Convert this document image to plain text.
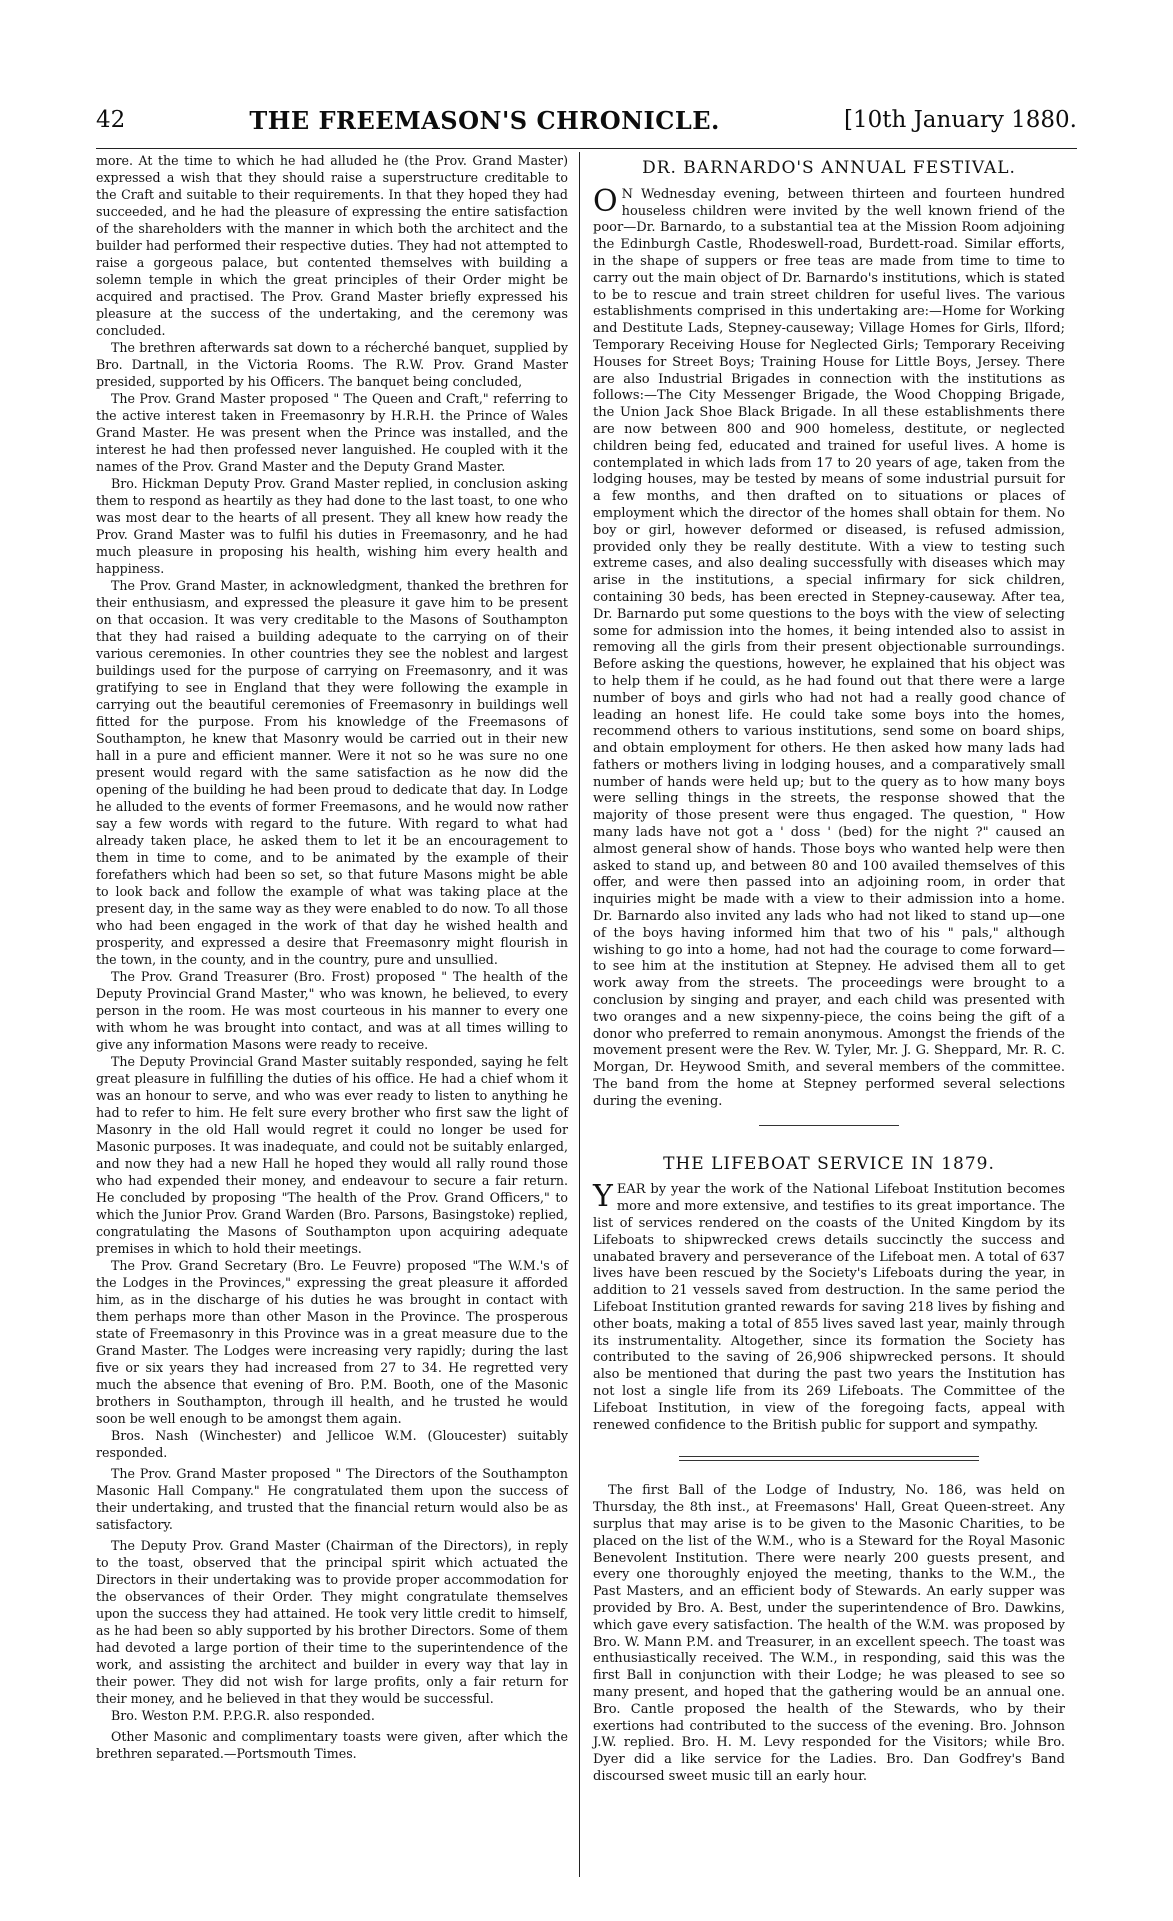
42	THE FREEMASON'S CHRONICLE.	[10th January 1880.

more. At the time to which he had alluded he (the Prov. Grand Master) expressed a wish that they should raise a superstructure creditable to the Craft and suitable to their requirements. In that they hoped they had succeeded, and he had the pleasure of expressing the entire satisfaction of the shareholders with the manner in which both the architect and the builder had performed their respective duties. They had not attempted to raise a gorgeous palace, but contented themselves with building a solemn temple in which the great principles of their Order might be acquired and practised. The Prov. Grand Master briefly expressed his pleasure at the success of the undertaking, and the ceremony was concluded.

The brethren afterwards sat down to a récherché banquet, supplied by Bro. Dartnall, in the Victoria Rooms. The R.W. Prov. Grand Master presided, supported by his Officers. The banquet being concluded,

The Prov. Grand Master proposed " The Queen and Craft," referring to the active interest taken in Freemasonry by H.R.H. the Prince of Wales Grand Master. He was present when the Prince was installed, and the interest he had then professed never languished. He coupled with it the names of the Prov. Grand Master and the Deputy Grand Master.

Bro. Hickman Deputy Prov. Grand Master replied, in conclusion asking them to respond as heartily as they had done to the last toast, to one who was most dear to the hearts of all present. They all knew how ready the Prov. Grand Master was to fulfil his duties in Freemasonry, and he had much pleasure in proposing his health, wishing him every health and happiness.

The Prov. Grand Master, in acknowledgment, thanked the brethren for their enthusiasm, and expressed the pleasure it gave him to be present on that occasion. It was very creditable to the Masons of Southampton that they had raised a building adequate to the carrying on of their various ceremonies. In other countries they see the noblest and largest buildings used for the purpose of carrying on Freemasonry, and it was gratifying to see in England that they were following the example in carrying out the beautiful ceremonies of Freemasonry in buildings well fitted for the purpose. From his knowledge of the Freemasons of Southampton, he knew that Masonry would be carried out in their new hall in a pure and efficient manner. Were it not so he was sure no one present would regard with the same satisfaction as he now did the opening of the building he had been proud to dedicate that day. In Lodge he alluded to the events of former Freemasons, and he would now rather say a few words with regard to the future. With regard to what had already taken place, he asked them to let it be an encouragement to them in time to come, and to be animated by the example of their forefathers which had been so set, so that future Masons might be able to look back and follow the example of what was taking place at the present day, in the same way as they were enabled to do now. To all those who had been engaged in the work of that day he wished health and prosperity, and expressed a desire that Freemasonry might flourish in the town, in the county, and in the country, pure and unsullied.

The Prov. Grand Treasurer (Bro. Frost) proposed " The health of the Deputy Provincial Grand Master," who was known, he believed, to every person in the room. He was most courteous in his manner to every one with whom he was brought into contact, and was at all times willing to give any information Masons were ready to receive.

The Deputy Provincial Grand Master suitably responded, saying he felt great pleasure in fulfilling the duties of his office. He had a chief whom it was an honour to serve, and who was ever ready to listen to anything he had to refer to him. He felt sure every brother who first saw the light of Masonry in the old Hall would regret it could no longer be used for Masonic purposes. It was inadequate, and could not be suitably enlarged, and now they had a new Hall he hoped they would all rally round those who had expended their money, and endeavour to secure a fair return. He concluded by proposing "The health of the Prov. Grand Officers," to which the Junior Prov. Grand Warden (Bro. Parsons, Basingstoke) replied, congratulating the Masons of Southampton upon acquiring adequate premises in which to hold their meetings.

The Prov. Grand Secretary (Bro. Le Feuvre) proposed "The W.M.'s of the Lodges in the Provinces," expressing the great pleasure it afforded him, as in the discharge of his duties he was brought in contact with them perhaps more than other Mason in the Province. The prosperous state of Freemasonry in this Province was in a great measure due to the Grand Master. The Lodges were increasing very rapidly; during the last five or six years they had increased from 27 to 34. He regretted very much the absence that evening of Bro. P.M. Booth, one of the Masonic brothers in Southampton, through ill health, and he trusted he would soon be well enough to be amongst them again.

Bros. Nash (Winchester) and Jellicoe W.M. (Gloucester) suitably responded.

The Prov. Grand Master proposed " The Directors of the Southampton Masonic Hall Company." He congratulated them upon the success of their undertaking, and trusted that the financial return would also be as satisfactory.

The Deputy Prov. Grand Master (Chairman of the Directors), in reply to the toast, observed that the principal spirit which actuated the Directors in their undertaking was to provide proper accommodation for the observances of their Order. They might congratulate themselves upon the success they had attained. He took very little credit to himself, as he had been so ably supported by his brother Directors. Some of them had devoted a large portion of their time to the superintendence of the work, and assisting the architect and builder in every way that lay in their power. They did not wish for large profits, only a fair return for their money, and he believed in that they would be successful.

Bro. Weston P.M. P.P.G.R. also responded.

Other Masonic and complimentary toasts were given, after which the brethren separated.—Portsmouth Times.

DR. BARNARDO'S ANNUAL FESTIVAL.

O N Wednesday evening, between thirteen and fourteen hundred houseless children were invited by the well known friend of the poor—Dr. Barnardo, to a substantial tea at the Mission Room adjoining the Edinburgh Castle, Rhodeswell-road, Burdett-road. Similar efforts, in the shape of suppers or free teas are made from time to time to carry out the main object of Dr. Barnardo's institutions, which is stated to be to rescue and train street children for useful lives. The various establishments comprised in this undertaking are:—Home for Working and Destitute Lads, Stepney-causeway; Village Homes for Girls, Ilford; Temporary Receiving House for Neglected Girls; Temporary Receiving Houses for Street Boys; Training House for Little Boys, Jersey. There are also Industrial Brigades in connection with the institutions as follows:—The City Messenger Brigade, the Wood Chopping Brigade, the Union Jack Shoe Black Brigade. In all these establishments there are now between 800 and 900 homeless, destitute, or neglected children being fed, educated and trained for useful lives. A home is contemplated in which lads from 17 to 20 years of age, taken from the lodging houses, may be tested by means of some industrial pursuit for a few months, and then drafted on to situations or places of employment which the director of the homes shall obtain for them. No boy or girl, however deformed or diseased, is refused admission, provided only they be really destitute. With a view to testing such extreme cases, and also dealing successfully with diseases which may arise in the institutions, a special infirmary for sick children, containing 30 beds, has been erected in Stepney-causeway. After tea, Dr. Barnardo put some questions to the boys with the view of selecting some for admission into the homes, it being intended also to assist in removing all the girls from their present objectionable surroundings. Before asking the questions, however, he explained that his object was to help them if he could, as he had found out that there were a large number of boys and girls who had not had a really good chance of leading an honest life. He could take some boys into the homes, recommend others to various institutions, send some on board ships, and obtain employment for others. He then asked how many lads had fathers or mothers living in lodging houses, and a comparatively small number of hands were held up; but to the query as to how many boys were selling things in the streets, the response showed that the majority of those present were thus engaged. The question, " How many lads have not got a ' doss ' (bed) for the night ?" caused an almost general show of hands. Those boys who wanted help were then asked to stand up, and between 80 and 100 availed themselves of this offer, and were then passed into an adjoining room, in order that inquiries might be made with a view to their admission into a home. Dr. Barnardo also invited any lads who had not liked to stand up—one of the boys having informed him that two of his " pals," although wishing to go into a home, had not had the courage to come forward—to see him at the institution at Stepney. He advised them all to get work away from the streets. The proceedings were brought to a conclusion by singing and prayer, and each child was presented with two oranges and a new sixpenny-piece, the coins being the gift of a donor who preferred to remain anonymous. Amongst the friends of the movement present were the Rev. W. Tyler, Mr. J. G. Sheppard, Mr. R. C. Morgan, Dr. Heywood Smith, and several members of the committee. The band from the home at Stepney performed several selections during the evening.

THE LIFEBOAT SERVICE IN 1879.

YEAR by year the work of the National Lifeboat Institution becomes more and more extensive, and testifies to its great importance. The list of services rendered on the coasts of the United Kingdom by its Lifeboats to shipwrecked crews details succinctly the success and unabated bravery and perseverance of the Lifeboat men. A total of 637 lives have been rescued by the Society's Lifeboats during the year, in addition to 21 vessels saved from destruction. In the same period the Lifeboat Institution granted rewards for saving 218 lives by fishing and other boats, making a total of 855 lives saved last year, mainly through its instrumentality. Altogether, since its formation the Society has contributed to the saving of 26,906 shipwrecked persons. It should also be mentioned that during the past two years the Institution has not lost a single life from its 269 Lifeboats. The Committee of the Lifeboat Institution, in view of the foregoing facts, appeal with renewed confidence to the British public for support and sympathy.

The first Ball of the Lodge of Industry, No. 186, was held on Thursday, the 8th inst., at Freemasons' Hall, Great Queen-street. Any surplus that may arise is to be given to the Masonic Charities, to be placed on the list of the W.M., who is a Steward for the Royal Masonic Benevolent Institution. There were nearly 200 guests present, and every one thoroughly enjoyed the meeting, thanks to the W.M., the Past Masters, and an efficient body of Stewards. An early supper was provided by Bro. A. Best, under the superintendence of Bro. Dawkins, which gave every satisfaction. The health of the W.M. was proposed by Bro. W. Mann P.M. and Treasurer, in an excellent speech. The toast was enthusiastically received. The W.M., in responding, said this was the first Ball in conjunction with their Lodge; he was pleased to see so many present, and hoped that the gathering would be an annual one. Bro. Cantle proposed the health of the Stewards, who by their exertions had contributed to the success of the evening. Bro. Johnson J.W. replied. Bro. H. M. Levy responded for the Visitors; while Bro. Dyer did a like service for the Ladies. Bro. Dan Godfrey's Band discoursed sweet music till an early hour.
